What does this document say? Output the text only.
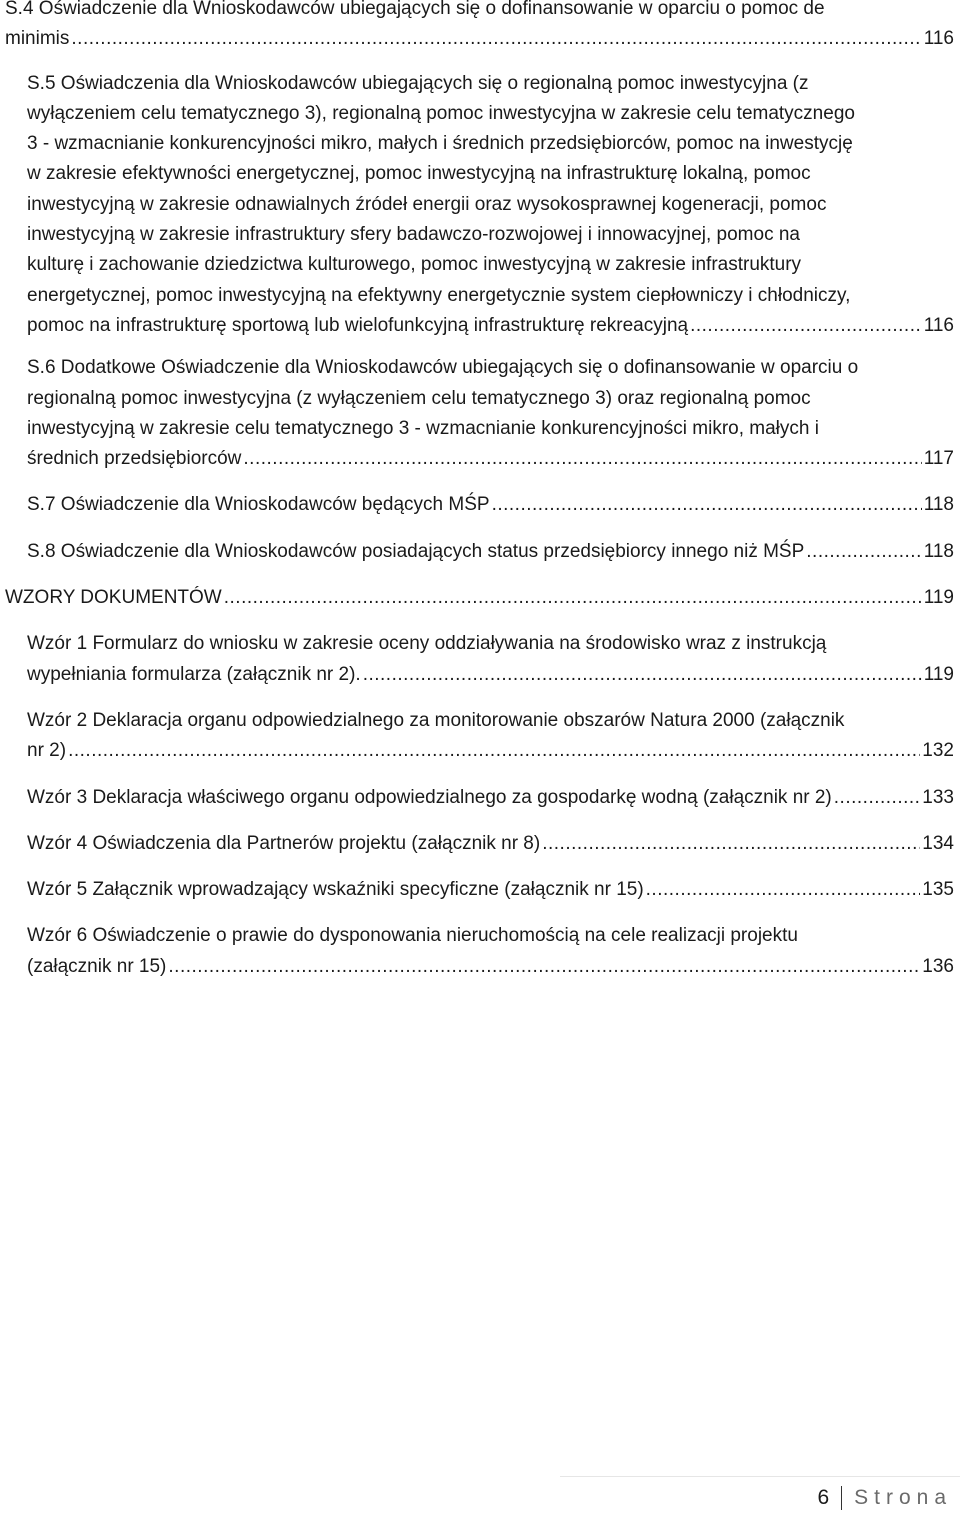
S.4 Oświadczenie dla Wnioskodawców ubiegających się o dofinansowanie w oparciu o pomoc de
minimis .....	116
S.5 Oświadczenia dla Wnioskodawców ubiegających się o regionalną pomoc inwestycyjna (z
wyłączeniem celu tematycznego 3), regionalną pomoc inwestycyjna w zakresie celu tematycznego
3 - wzmacnianie konkurencyjności mikro, małych i średnich przedsiębiorców, pomoc na inwestycję
w zakresie efektywności energetycznej, pomoc inwestycyjną na infrastrukturę lokalną, pomoc
inwestycyjną w zakresie odnawialnych źródeł energii oraz wysokosprawnej kogeneracji, pomoc
inwestycyjną w zakresie infrastruktury sfery badawczo-rozwojowej i innowacyjnej, pomoc na
kulturę i zachowanie dziedzictwa kulturowego, pomoc inwestycyjną w zakresie infrastruktury
energetycznej, pomoc inwestycyjną na efektywny energetycznie system ciepłowniczy i chłodniczy,
pomoc na infrastrukturę sportową lub wielofunkcyjną infrastrukturę rekreacyjną .....	116
S.6 Dodatkowe Oświadczenie dla Wnioskodawców ubiegających się o dofinansowanie w oparciu o
regionalną pomoc inwestycyjna (z wyłączeniem celu tematycznego 3) oraz regionalną pomoc
inwestycyjną w zakresie celu tematycznego 3 - wzmacnianie konkurencyjności mikro, małych i
średnich przedsiębiorców .....	117
S.7 Oświadczenie dla Wnioskodawców będących MŚP .....	118
S.8 Oświadczenie dla Wnioskodawców posiadających status przedsiębiorcy innego niż MŚP .....	118
WZORY DOKUMENTÓW .....	119
Wzór 1 Formularz do wniosku w zakresie oceny oddziaływania na środowisko wraz z instrukcją
wypełniania formularza (załącznik nr 2). .....	119
Wzór 2 Deklaracja organu odpowiedzialnego za monitorowanie obszarów Natura 2000 (załącznik
nr 2) .....	132
Wzór 3 Deklaracja właściwego organu odpowiedzialnego za gospodarkę wodną (załącznik nr 2) .....	133
Wzór 4 Oświadczenia dla Partnerów projektu (załącznik nr 8) .....	134
Wzór 5 Załącznik wprowadzający wskaźniki specyficzne (załącznik nr 15) .....	135
Wzór 6 Oświadczenie o prawie do dysponowania nieruchomością na cele realizacji projektu
(załącznik nr 15) .....	136
6 Strona
